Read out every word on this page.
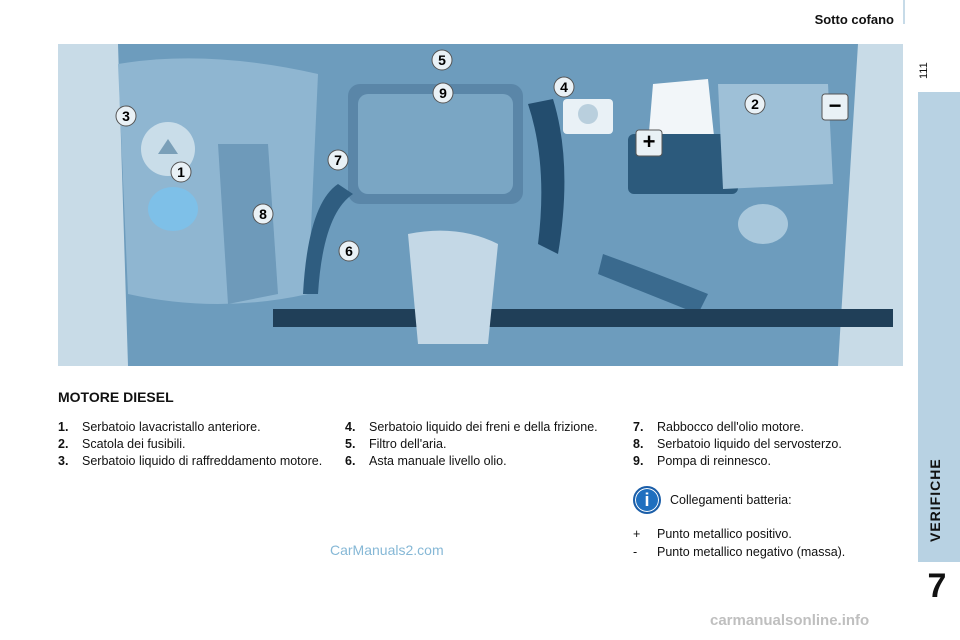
Sotto cofano
111
VERIFICHE
7
1
2
3
4
5
6
7
8
9
+
−
MOTORE DIESEL
1.	Serbatoio lavacristallo anteriore.
2.	Scatola dei fusibili.
3.	Serbatoio liquido di raffreddamento motore.
4.	Serbatoio liquido dei freni e della frizione.
5.	Filtro dell'aria.
6.	Asta manuale livello olio.
7.	Rabbocco dell'olio motore.
8.	Serbatoio liquido del servosterzo.
9.	Pompa di reinnesco.
i	Collegamenti batteria:
+	Punto metallico positivo.
-	Punto metallico negativo (massa).
CarManuals2.com
carmanualsonline.info
